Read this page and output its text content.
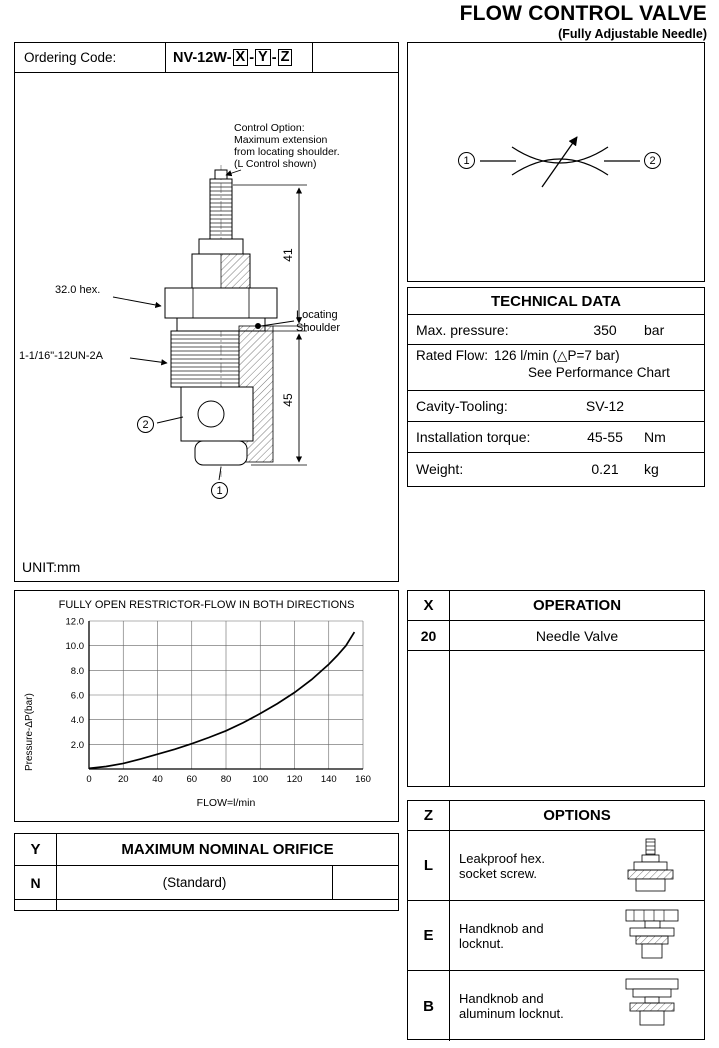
FLOW CONTROL VALVE
(Fully Adjustable Needle)
Ordering Code:	NV-12W- X - Y - Z
41
45
Control Option:
Maximum extension
from locating shoulder.
(L Control shown)
32.0 hex.
1-1/16"-12UN-2A
Locating
Shoulder
2
1
UNIT:mm
1	2
TECHNICAL DATA
Max. pressure:	350	bar
Rated Flow: 126 l/min (△P=7 bar)
See Performance Chart
Cavity-Tooling:	SV-12
Installation torque:	45-55	Nm
Weight:	0.21	kg
FULLY OPEN RESTRICTOR-FLOW IN BOTH DIRECTIONS
Pressure-ΔP(bar)
0	20 40 60 80 100 120 140 160
2.0
4.0
6.0
8.0
10.0
12.0
FLOW=l/min
X	OPERATION
20	Needle Valve
Y	MAXIMUM NOMINAL ORIFICE
N	(Standard)
Z	OPTIONS
L	Leakproof hex.
socket screw.
E	Handknob and
locknut.
B	Handknob and
aluminum locknut.
